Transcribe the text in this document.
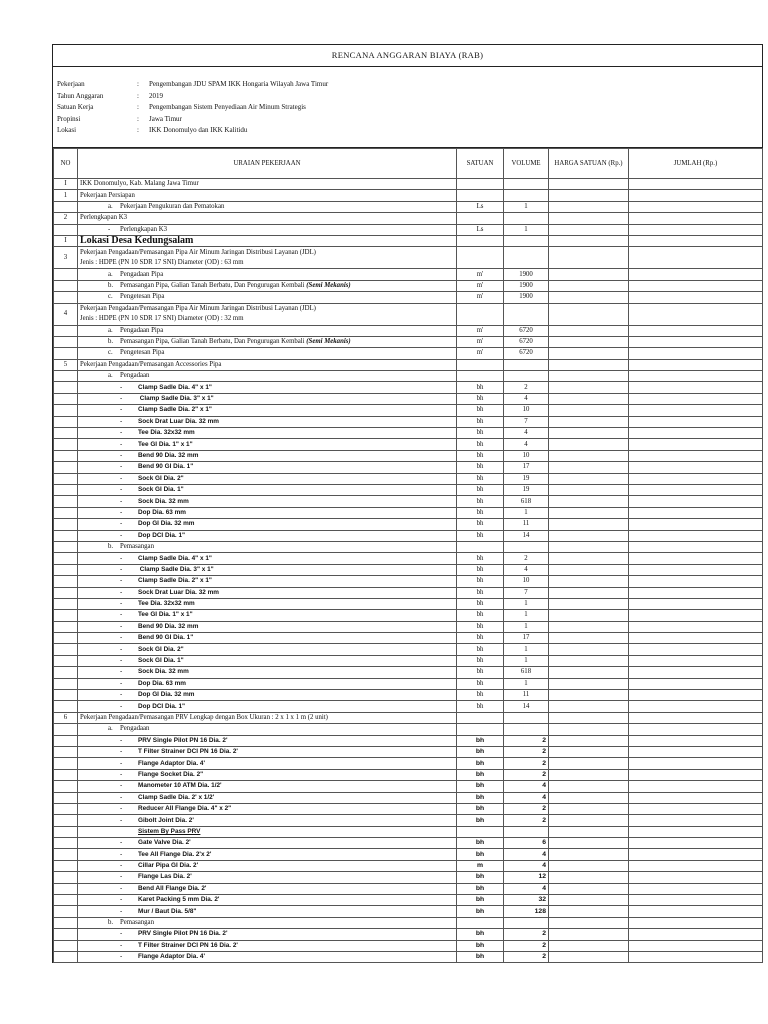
RENCANA ANGGARAN BIAYA (RAB)
Pekerjaan	:	Pengembangan JDU SPAM IKK Hongaria Wilayah Jawa Timur
Tahun Anggaran	:	2019
Satuan Kerja	:	Pengembangan Sistem Penyediaan Air Minum Strategis
Propinsi	:	Jawa Timur
Lokasi	:	IKK Donomulyo dan IKK Kalitidu
NO	URAIAN PEKERJAAN	SATUAN	VOLUME	HARGA SATUAN (Rp.)	JUMLAH (Rp.)
I	IKK Donomulyo, Kab. Malang Jawa Timur				
1	Pekerjaan Persiapan				
	a. Pekerjaan Pengukuran dan Pematokan	Ls	1		
2	Perlengkapan K3				
	- Perlengkapan K3	Ls	1		
I	Lokasi Desa Kedungsalam				
3	Pekerjaan Pengadaan/Pemasangan Pipa Air Minum Jaringan Distribusi Layanan (JDL)
Jenis : HDPE (PN 10 SDR 17 SNI) Diameter (OD) : 63 mm				
	a. Pengadaan Pipa	m'	1900		
	b. Pemasangan Pipa, Galian Tanah Berbatu, Dan Pengurugan Kembali (Semi Mekanis)	m'	1900		
	c. Pengetesan Pipa	m'	1900		
4	Pekerjaan Pengadaan/Pemasangan Pipa Air Minum Jaringan Distribusi Layanan (JDL)
Jenis : HDPE (PN 10 SDR 17 SNI) Diameter (OD) : 32 mm				
	a. Pengadaan Pipa	m'	6720		
	b. Pemasangan Pipa, Galian Tanah Berbatu, Dan Pengurugan Kembali (Semi Mekanis)	m'	6720		
	c. Pengetesan Pipa	m'	6720		
5	Pekerjaan Pengadaan/Pemasangan Accessories Pipa				
	a. Pengadaan				
	- Clamp Sadle Dia. 4" x 1"	bh	2		
	- Clamp Sadle Dia. 3" x 1"	bh	4		
	- Clamp Sadle Dia. 2" x 1"	bh	10		
	- Sock Drat Luar Dia. 32 mm	bh	7		
	- Tee Dia. 32x32 mm	bh	4		
	- Tee GI Dia. 1" x 1"	bh	4		
	- Bend 90 Dia. 32 mm	bh	10		
	- Bend 90 GI Dia. 1"	bh	17		
	- Sock GI Dia. 2"	bh	19		
	- Sock GI Dia. 1"	bh	19		
	- Sock Dia. 32 mm	bh	618		
	- Dop Dia. 63 mm	bh	1		
	- Dop GI Dia. 32 mm	bh	11		
	- Dop DCI Dia. 1"	bh	14		
	b. Pemasangan				
	- Clamp Sadle Dia. 4" x 1"	bh	2		
	- Clamp Sadle Dia. 3" x 1"	bh	4		
	- Clamp Sadle Dia. 2" x 1"	bh	10		
	- Sock Drat Luar Dia. 32 mm	bh	7		
	- Tee Dia. 32x32 mm	bh	1		
	- Tee GI Dia. 1" x 1"	bh	1		
	- Bend 90 Dia. 32 mm	bh	1		
	- Bend 90 GI Dia. 1"	bh	17		
	- Sock GI Dia. 2"	bh	1		
	- Sock GI Dia. 1"	bh	1		
	- Sock Dia. 32 mm	bh	618		
	- Dop Dia. 63 mm	bh	1		
	- Dop GI Dia. 32 mm	bh	11		
	- Dop DCI Dia. 1"	bh	14		
6	Pekerjaan Pengadaan/Pemasangan PRV Lengkap dengan Box Ukuran : 2 x 1 x 1 m (2 unit)				
	a. Pengadaan				
	- PRV Single Pilot PN 16 Dia. 2'	bh	2		
	- T Filter Strainer DCI PN 16 Dia. 2'	bh	2		
	- Flange Adaptor Dia. 4'	bh	2		
	- Flange Socket Dia. 2"	bh	2		
	- Manometer 10 ATM Dia. 1/2'	bh	4		
	- Clamp Sadle Dia. 2' x 1/2'	bh	4		
	- Reducer All Flange Dia. 4" x 2"	bh	2		
	- Gibolt Joint Dia. 2'	bh	2		
	Sistem By Pass PRV				
	- Gate Valve Dia. 2'	bh	6		
	- Tee All Flange Dia. 2'x 2'	bh	4		
	- Cillar Pipa GI Dia. 2'	m	4		
	- Flange Las Dia. 2'	bh	12		
	- Bend All Flange Dia. 2'	bh	4		
	- Karet Packing 5 mm Dia. 2'	bh	32		
	- Mur / Baut Dia. 5/8"	bh	128		
	b. Pemasangan				
	- PRV Single Pilot PN 16 Dia. 2'	bh	2		
	- T Filter Strainer DCI PN 16 Dia. 2'	bh	2		
	- Flange Adaptor Dia. 4'	bh	2		
